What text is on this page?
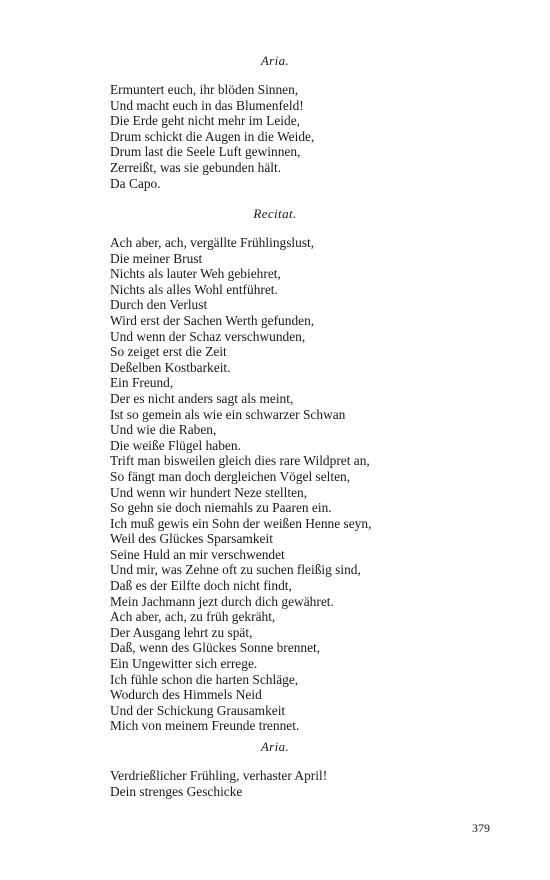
Aria.
Ermuntert euch, ihr blöden Sinnen,
Und macht euch in das Blumenfeld!
Die Erde geht nicht mehr im Leide,
Drum schickt die Augen in die Weide,
Drum last die Seele Luft gewinnen,
Zerreißt, was sie gebunden hält.
Da Capo.
Recitat.
Ach aber, ach, vergällte Frühlingslust,
Die meiner Brust
Nichts als lauter Weh gebiehret,
Nichts als alles Wohl entführet.
Durch den Verlust
Wird erst der Sachen Werth gefunden,
Und wenn der Schaz verschwunden,
So zeiget erst die Zeit
Deßelben Kostbarkeit.
Ein Freund,
Der es nicht anders sagt als meint,
Ist so gemein als wie ein schwarzer Schwan
Und wie die Raben,
Die weiße Flügel haben.
Trift man bisweilen gleich dies rare Wildpret an,
So fängt man doch dergleichen Vögel selten,
Und wenn wir hundert Neze stellten,
So gehn sie doch niemahls zu Paaren ein.
Ich muß gewis ein Sohn der weißen Henne seyn,
Weil des Glückes Sparsamkeit
Seine Huld an mir verschwendet
Und mir, was Zehne oft zu suchen fleißig sind,
Daß es der Eilfte doch nicht findt,
Mein Jachmann jezt durch dich gewähret.
Ach aber, ach, zu früh gekräht,
Der Ausgang lehrt zu spät,
Daß, wenn des Glückes Sonne brennet,
Ein Ungewitter sich errege.
Ich fühle schon die harten Schläge,
Wodurch des Himmels Neid
Und der Schickung Grausamkeit
Mich von meinem Freunde trennet.
Aria.
Verdrießlicher Frühling, verhaster April!
Dein strenges Geschicke
379
